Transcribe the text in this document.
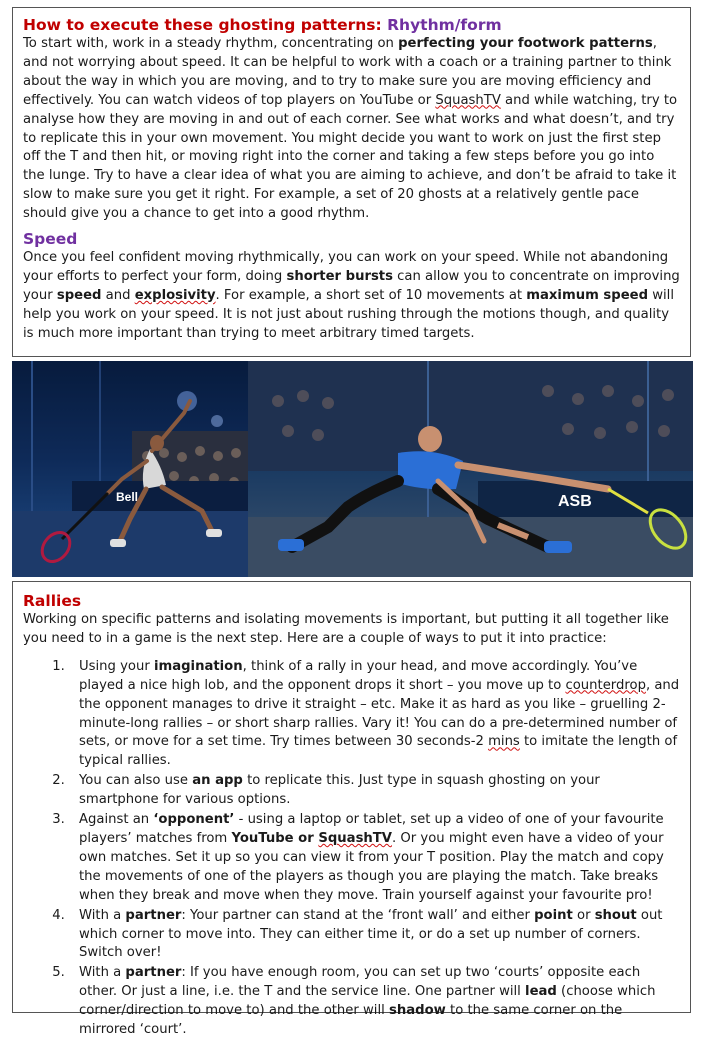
How to execute these ghosting patterns: Rhythm/form

To start with, work in a steady rhythm, concentrating on perfecting your footwork patterns, and not worrying about speed. It can be helpful to work with a coach or a training partner to think about the way in which you are moving, and to try to make sure you are moving efficiency and effectively. You can watch videos of top players on YouTube or SquashTV and while watching, try to analyse how they are moving in and out of each corner. See what works and what doesn’t, and try to replicate this in your own movement. You might decide you want to work on just the first step off the T and then hit, or moving right into the corner and taking a few steps before you go into the lunge. Try to have a clear idea of what you are aiming to achieve, and don’t be afraid to take it slow to make sure you get it right. For example, a set of 20 ghosts at a relatively gentle pace should give you a chance to get into a good rhythm.

Speed

Once you feel confident moving rhythmically, you can work on your speed. While not abandoning your efforts to perfect your form, doing shorter bursts can allow you to concentrate on improving your speed and explosivity. For example, a short set of 10 movements at maximum speed will help you work on your speed. It is not just about rushing through the motions though, and quality is much more important than trying to meet arbitrary timed targets.

Bell	ASB
Rallies

Working on specific patterns and isolating movements is important, but putting it all together like you need to in a game is the next step. Here are a couple of ways to put it into practice:

1. Using your imagination, think of a rally in your head, and move accordingly. You’ve played a nice high lob, and the opponent drops it short – you move up to counterdrop, and the opponent manages to drive it straight – etc. Make it as hard as you like – gruelling 2-minute-long rallies – or short sharp rallies. Vary it! You can do a pre-determined number of sets, or move for a set time. Try times between 30 seconds-2 mins to imitate the length of typical rallies.
2. You can also use an app to replicate this. Just type in squash ghosting on your smartphone for various options.
3. Against an ‘opponent’ - using a laptop or tablet, set up a video of one of your favourite players’ matches from YouTube or SquashTV. Or you might even have a video of your own matches. Set it up so you can view it from your T position. Play the match and copy the movements of one of the players as though you are playing the match. Take breaks when they break and move when they move. Train yourself against your favourite pro!
4. With a partner: Your partner can stand at the ‘front wall’ and either point or shout out which corner to move into. They can either time it, or do a set up number of corners. Switch over!
5. With a partner: If you have enough room, you can set up two ‘courts’ opposite each other. Or just a line, i.e. the T and the service line. One partner will lead (choose which corner/direction to move to) and the other will shadow to the same corner on the mirrored ‘court’.
